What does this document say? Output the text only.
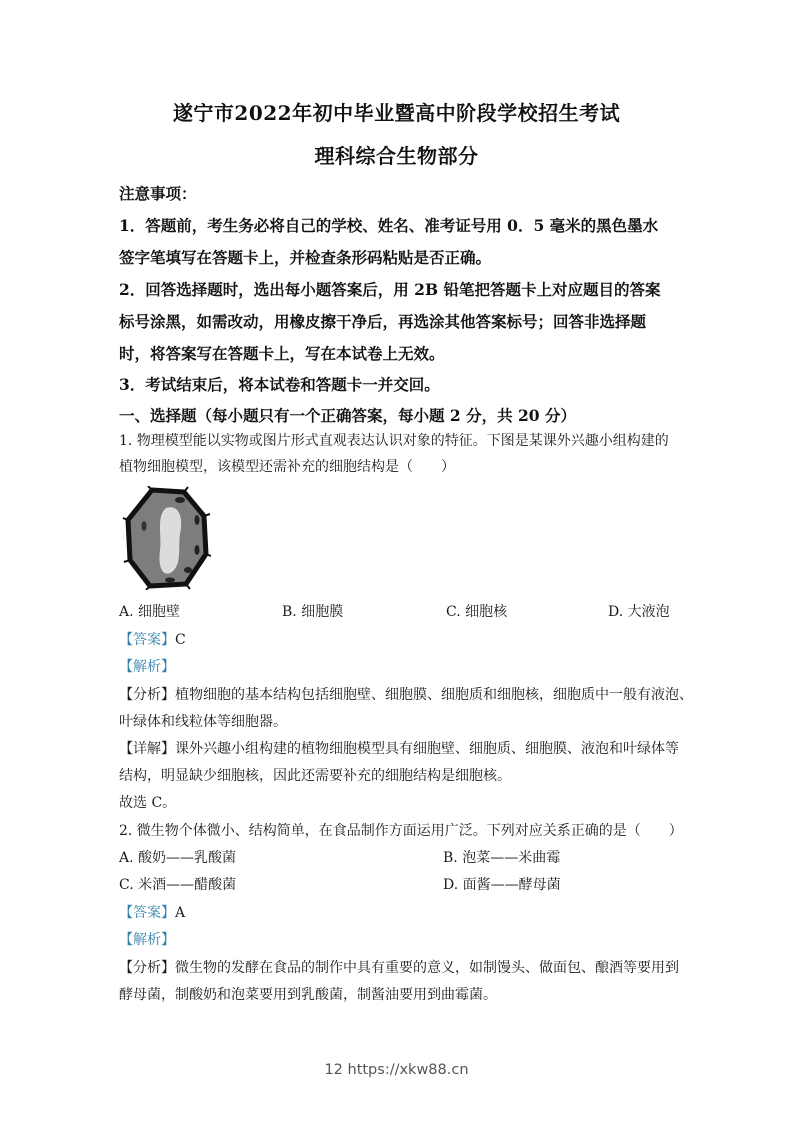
遂宁市2022年初中毕业暨高中阶段学校招生考试
理科综合生物部分
注意事项：
1．答题前，考生务必将自己的学校、姓名、准考证号用 0．5 毫米的黑色墨水
签字笔填写在答题卡上，并检查条形码粘贴是否正确。
2．回答选择题时，选出每小题答案后，用 2B 铅笔把答题卡上对应题目的答案
标号涂黑，如需改动，用橡皮擦干净后，再选涂其他答案标号；回答非选择题
时，将答案写在答题卡上，写在本试卷上无效。
3．考试结束后，将本试卷和答题卡一并交回。
一、选择题（每小题只有一个正确答案，每小题 2 分，共 20 分）
1. 物理模型能以实物或图片形式直观表达认识对象的特征。下图是某课外兴趣小组构建的
植物细胞模型，该模型还需补充的细胞结构是（　　）
A. 细胞壁	B. 细胞膜	C. 细胞核	D. 大液泡
【答案】C
【解析】
【分析】植物细胞的基本结构包括细胞壁、细胞膜、细胞质和细胞核，细胞质中一般有液泡、
叶绿体和线粒体等细胞器。
【详解】课外兴趣小组构建的植物细胞模型具有细胞壁、细胞质、细胞膜、液泡和叶绿体等
结构，明显缺少细胞核，因此还需要补充的细胞结构是细胞核。
故选 C。
2. 微生物个体微小、结构简单，在食品制作方面运用广泛。下列对应关系正确的是（　　）
A. 酸奶——乳酸菌	B. 泡菜——米曲霉
C. 米酒——醋酸菌	D. 面酱——酵母菌
【答案】A
【解析】
【分析】微生物的发酵在食品的制作中具有重要的意义，如制馒头、做面包、酿酒等要用到
酵母菌，制酸奶和泡菜要用到乳酸菌，制酱油要用到曲霉菌。
12 https://xkw88.cn
